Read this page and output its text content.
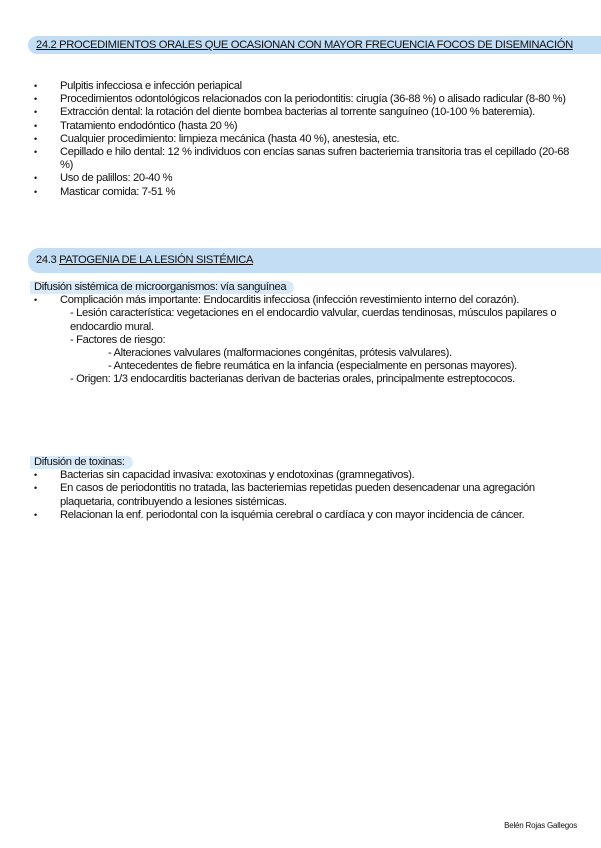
24.2 PROCEDIMIENTOS ORALES QUE OCASIONAN CON MAYOR FRECUENCIA FOCOS DE DISEMINACIÓN
• Pulpitis infecciosa e infección periapical
• Procedimientos odontológicos relacionados con la periodontitis: cirugía (36-88 %) o alisado radicular (8-80 %)
• Extracción dental: la rotación del diente bombea bacterias al torrente sanguíneo (10-100 % bateremia).
• Tratamiento endodóntico (hasta 20 %)
• Cualquier procedimiento: limpieza mecánica (hasta 40 %), anestesia, etc.
• Cepillado e hilo dental: 12 % individuos con encías sanas sufren bacteriemia transitoria tras el cepillado (20-68 %)
• Uso de palillos: 20-40 %
• Masticar comida: 7-51 %
24.3 PATOGENIA DE LA LESIÓN SISTÉMICA
Difusión sistémica de microorganismos: vía sanguínea
• Complicación más importante: Endocarditis infecciosa (infección revestimiento interno del corazón).
- Lesión característica: vegetaciones en el endocardio valvular, cuerdas tendinosas, músculos papilares o endocardio mural.
- Factores de riesgo:
- Alteraciones valvulares (malformaciones congénitas, prótesis valvulares).
- Antecedentes de fiebre reumática en la infancia (especialmente en personas mayores).
- Origen: 1/3 endocarditis bacterianas derivan de bacterias orales, principalmente estreptococos.
Difusión de toxinas:
• Bacterias sin capacidad invasiva: exotoxinas y endotoxinas (gramnegativos).
• En casos de periodontitis no tratada, las bacteriemias repetidas pueden desencadenar una agregación plaquetaria, contribuyendo a lesiones sistémicas.
• Relacionan la enf. periodontal con la isquémia cerebral o cardíaca y con mayor incidencia de cáncer.
Belén Rojas Gallegos
